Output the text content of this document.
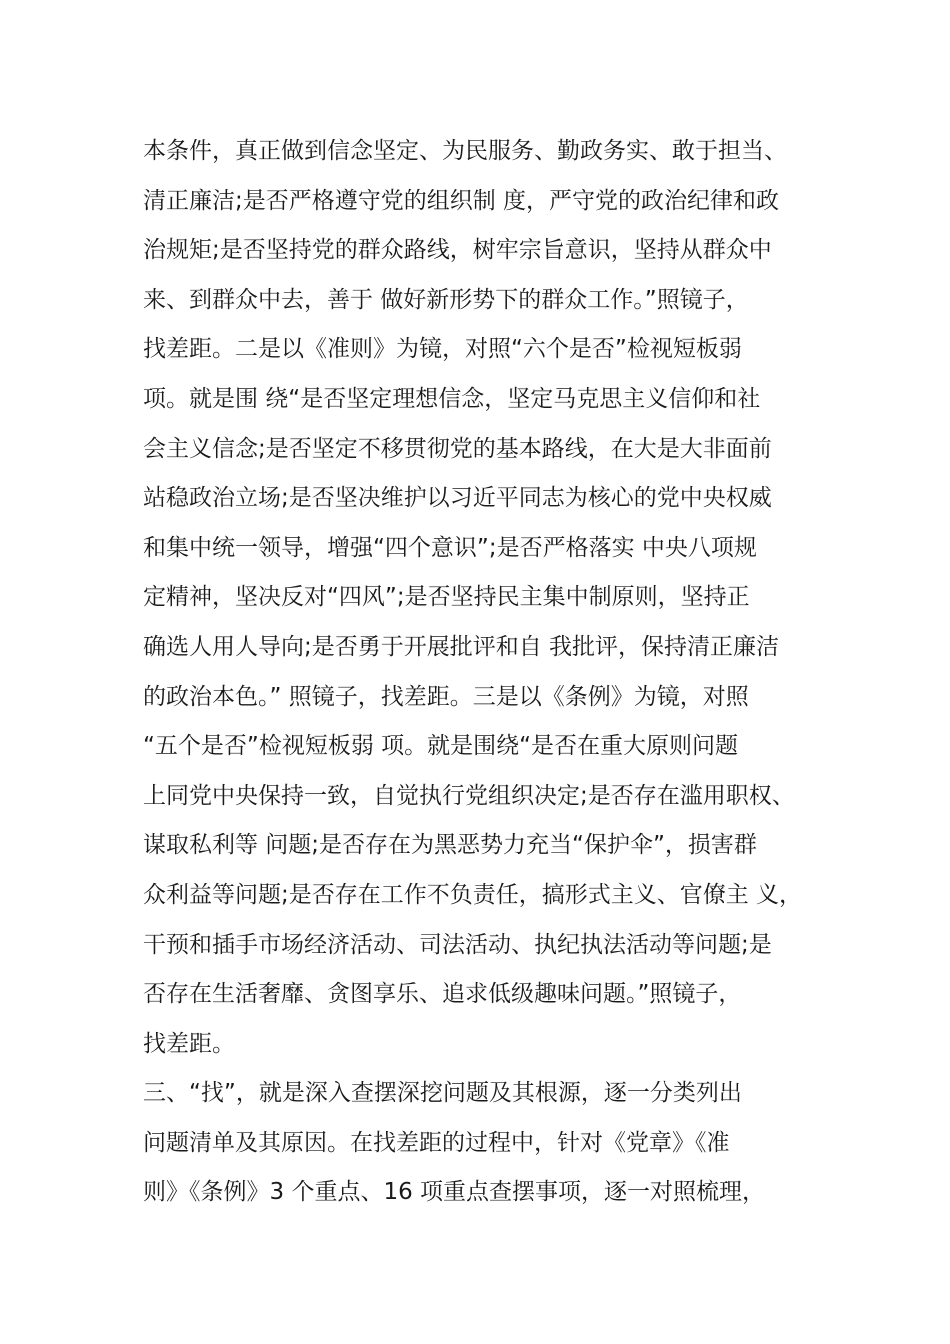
本条件，真正做到信念坚定、为民服务、勤政务实、敢于担当、
清正廉洁;是否严格遵守党的组织制 度，严守党的政治纪律和政
治规矩;是否坚持党的群众路线，树牢宗旨意识，坚持从群众中
来、到群众中去，善于 做好新形势下的群众工作。”照镜子，
找差距。二是以《准则》为镜，对照“六个是否”检视短板弱
项。就是围 绕“是否坚定理想信念，坚定马克思主义信仰和社
会主义信念;是否坚定不移贯彻党的基本路线，在大是大非面前
站稳政治立场;是否坚决维护以习近平同志为核心的党中央权威
和集中统一领导，增强“四个意识”;是否严格落实 中央八项规
定精神，坚决反对“四风”;是否坚持民主集中制原则，坚持正
确选人用人导向;是否勇于开展批评和自 我批评，保持清正廉洁
的政治本色。” 照镜子，找差距。三是以《条例》为镜，对照
“五个是否”检视短板弱 项。就是围绕“是否在重大原则问题
上同党中央保持一致，自觉执行党组织决定;是否存在滥用职权、
谋取私利等 问题;是否存在为黑恶势力充当“保护伞”，损害群
众利益等问题;是否存在工作不负责任，搞形式主义、官僚主 义，
干预和插手市场经济活动、司法活动、执纪执法活动等问题;是
否存在生活奢靡、贪图享乐、追求低级趣味问题。”照镜子，
找差距。
三、“找”，就是深入查摆深挖问题及其根源，逐一分类列出
问题清单及其原因。在找差距的过程中，针对《党章》《准
则》《条例》3 个重点、16 项重点查摆事项，逐一对照梳理，
